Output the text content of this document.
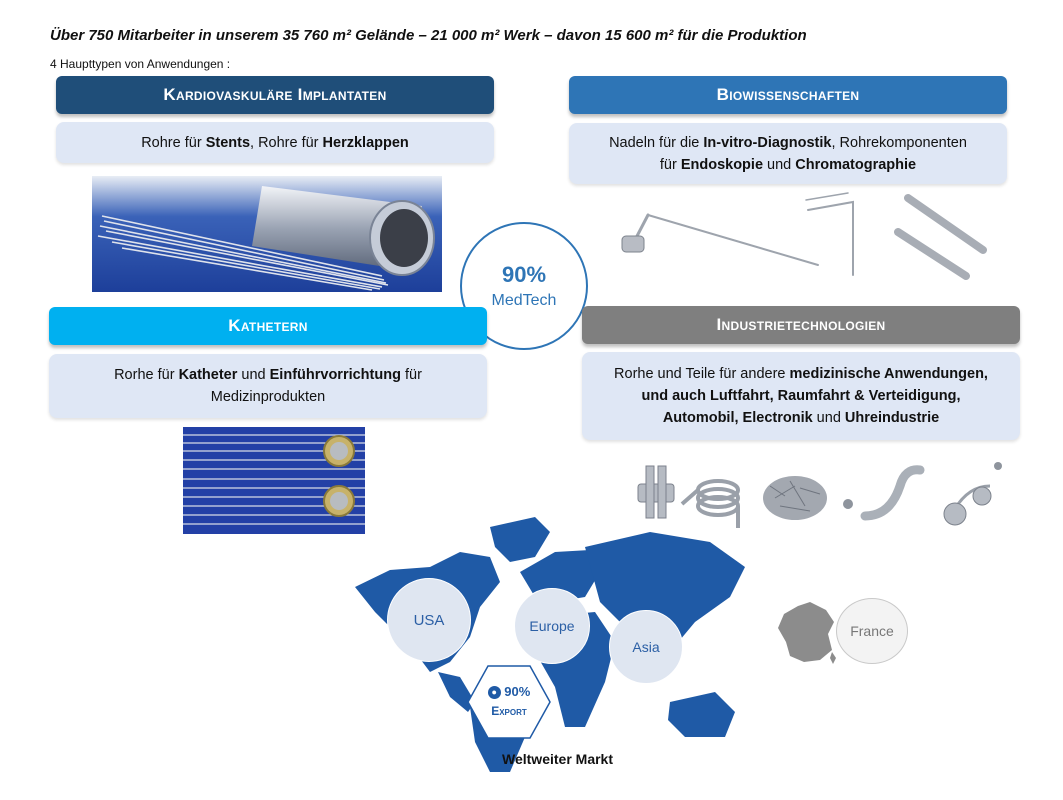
Über 750 Mitarbeiter in unserem 35 760 m² Gelände – 21 000 m² Werk – davon 15 600 m² für die Produktion
4 Haupttypen von Anwendungen :
Kardiovaskuläre Implantaten
Rohre für Stents, Rohre für Herzklappen
Biowissenschaften
Nadeln für die In-vitro-Diagnostik, Rohrekomponenten
für Endoskopie und Chromatographie
90%
MedTech
Kathetern
Rorhe für Katheter und Einführvorrichtung für
Medizinprodukten
Industrietechnologien
Rorhe und Teile für andere medizinische Anwendungen,
und auch Luftfahrt, Raumfahrt & Verteidigung,
Automobil, Electronik und Uhreindustrie
USA	Europe
Asia
● 90%
Export
Weltweiter Markt
France
